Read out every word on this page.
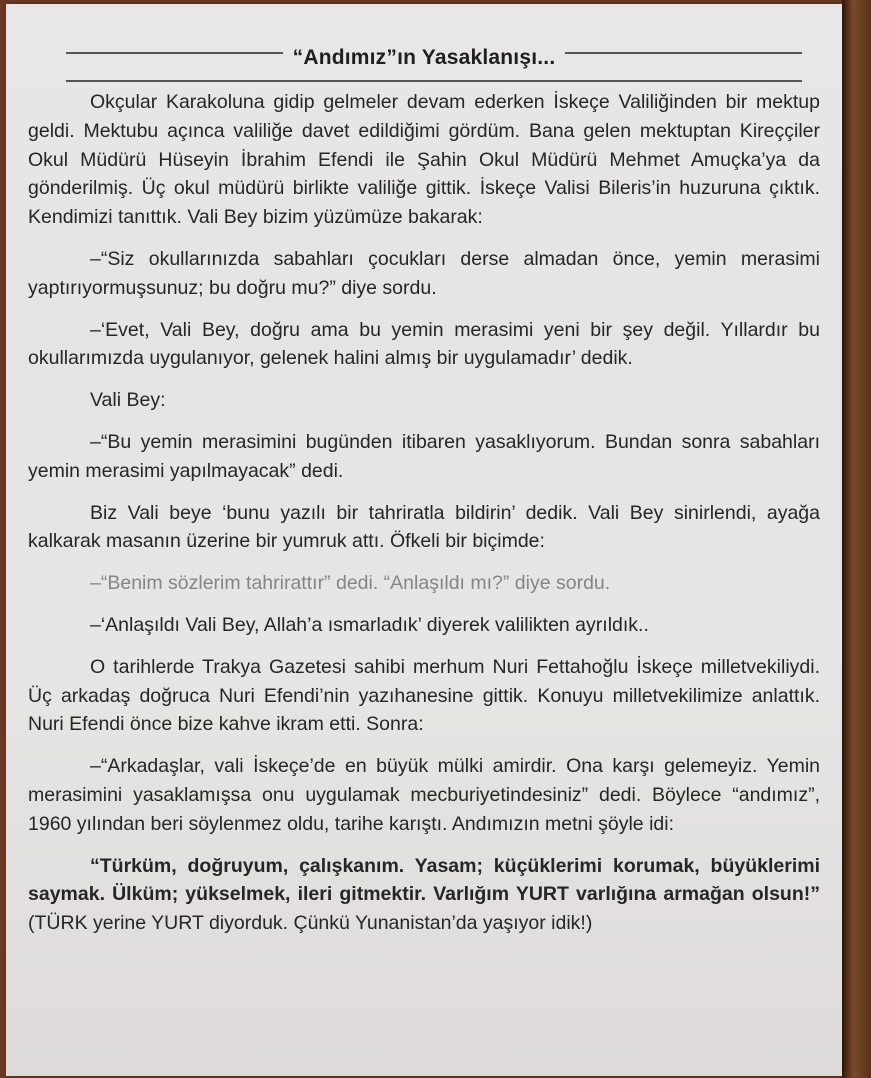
“Andımız”ın Yasaklanışı...

Okçular Karakoluna gidip gelmeler devam ederken İskeçe Valiliğinden bir mektup geldi. Mektubu açınca valiliğe davet edildiğimi gördüm. Bana gelen mektuptan Kireççiler Okul Müdürü Hüseyin İbrahim Efendi ile Şahin Okul Müdürü Mehmet Amuçka’ya da gönderilmiş. Üç okul müdürü birlikte valiliğe gittik. İskeçe Valisi Bileris’in huzuruna çıktık. Kendimizi tanıttık. Vali Bey bizim yüzümüze bakarak:

–“Siz okullarınızda sabahları çocukları derse almadan önce, yemin merasimi yaptırıyormuşsunuz; bu doğru mu?” diye sordu.

–‘Evet, Vali Bey, doğru ama bu yemin merasimi yeni bir şey değil. Yıllardır bu okullarımızda uygulanıyor, gelenek halini almış bir uygulamadır’ dedik.

Vali Bey:

–“Bu yemin merasimini bugünden itibaren yasaklıyorum. Bundan sonra sabahları yemin merasimi yapılmayacak” dedi.

Biz Vali beye ‘bunu yazılı bir tahriratla bildirin’ dedik. Vali Bey sinirlendi, ayağa kalkarak masanın üzerine bir yumruk attı. Öfkeli bir biçimde:

–“Benim sözlerim tahrirattır” dedi. “Anlaşıldı mı?” diye sordu.

–‘Anlaşıldı Vali Bey, Allah’a ısmarladık’ diyerek valilikten ayrıldık..

O tarihlerde Trakya Gazetesi sahibi merhum Nuri Fettahoğlu İskeçe milletvekiliydi. Üç arkadaş doğruca Nuri Efendi’nin yazıhanesine gittik. Konuyu milletvekilimize anlattık. Nuri Efendi önce bize kahve ikram etti. Sonra:

–“Arkadaşlar, vali İskeçe’de en büyük mülki amirdir. Ona karşı gelemeyiz. Yemin merasimini yasaklamışsa onu uygulamak mecburiyetindesiniz” dedi. Böylece “andımız”, 1960 yılından beri söylenmez oldu, tarihe karıştı. Andımızın metni şöyle idi:

“Türküm, doğruyum, çalışkanım. Yasam; küçüklerimi korumak, büyüklerimi saymak. Ülküm; yükselmek, ileri gitmektir. Varlığım YURT varlığına armağan olsun!” (TÜRK yerine YURT diyorduk. Çünkü Yunanistan’da yaşıyor idik!)
